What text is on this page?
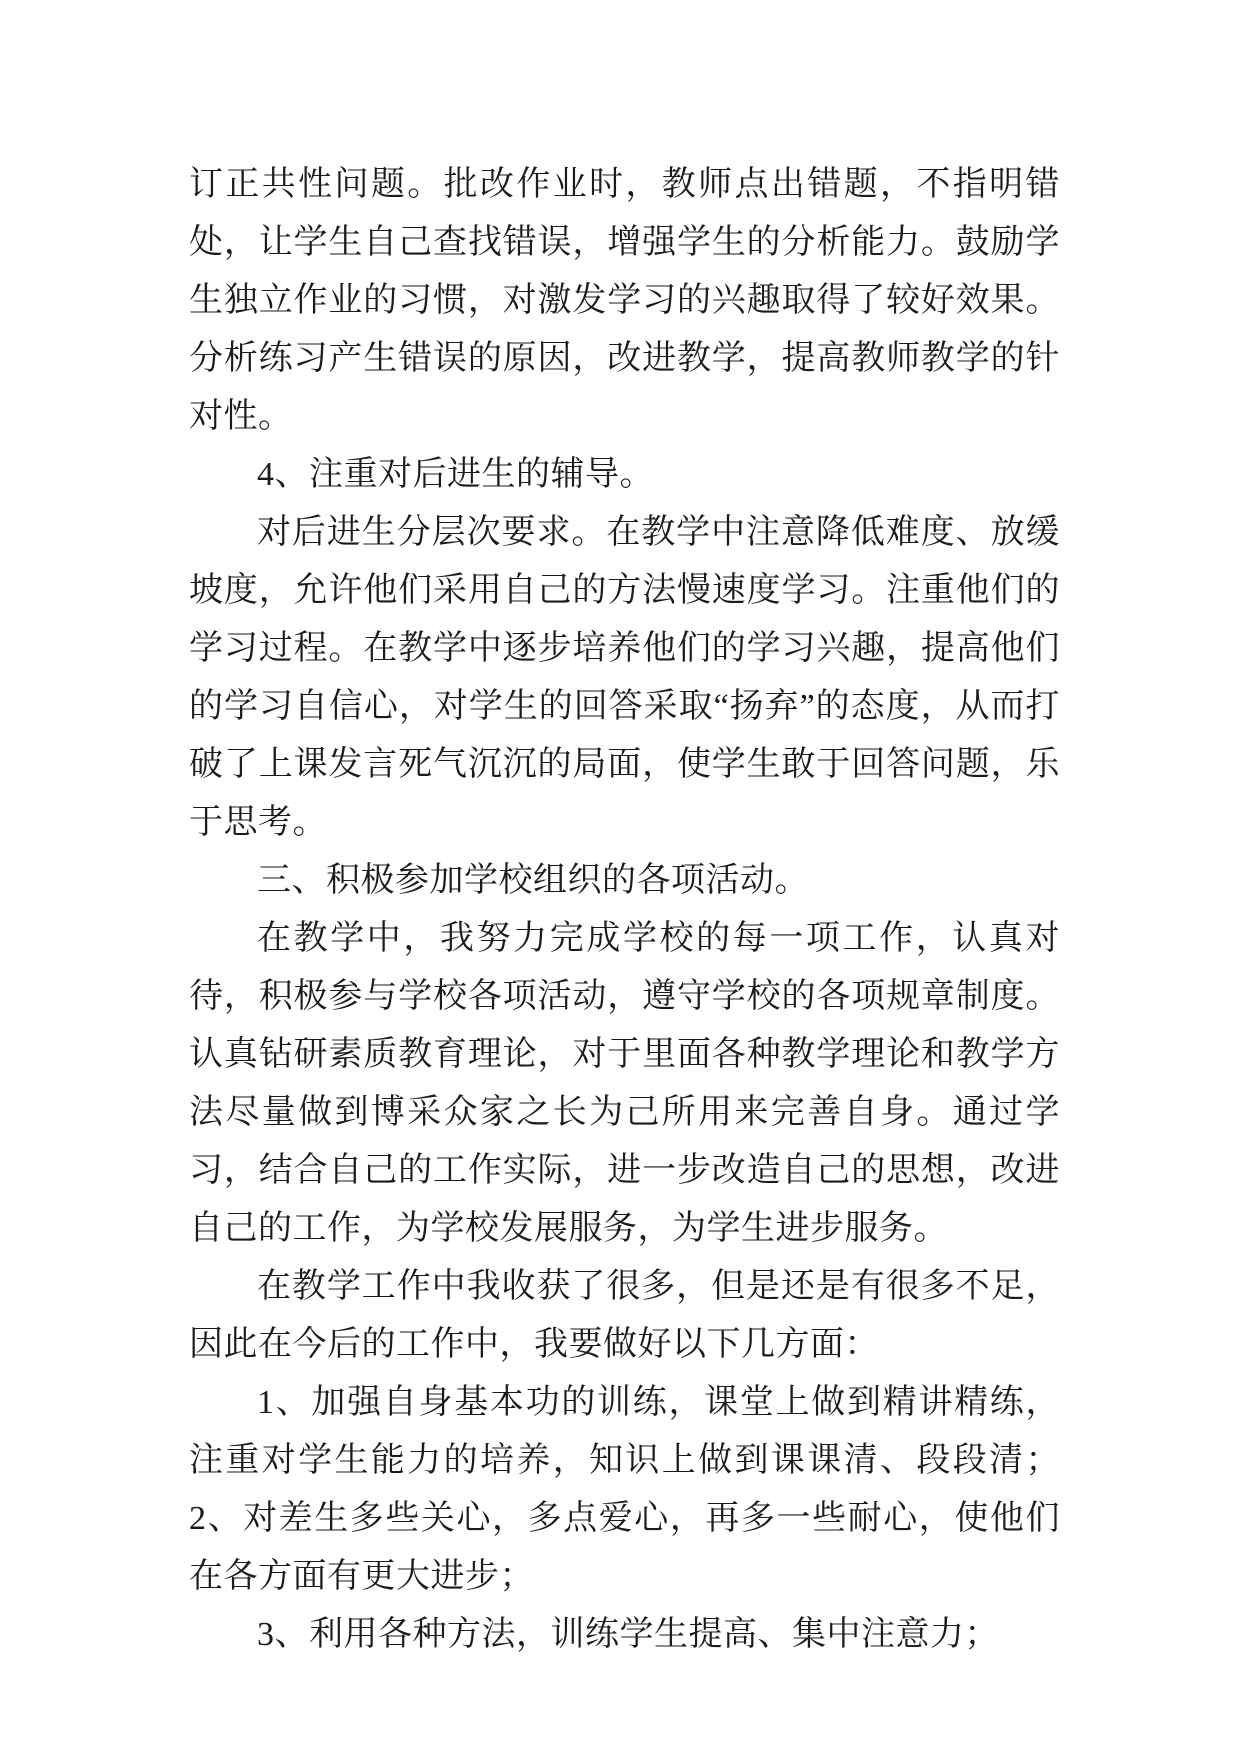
订正共性问题。批改作业时，教师点出错题，不指明错处，让学生自己查找错误，增强学生的分析能力。鼓励学生独立作业的习惯，对激发学习的兴趣取得了较好效果。分析练习产生错误的原因，改进教学，提高教师教学的针对性。

4、注重对后进生的辅导。

对后进生分层次要求。在教学中注意降低难度、放缓坡度，允许他们采用自己的方法慢速度学习。注重他们的学习过程。在教学中逐步培养他们的学习兴趣，提高他们的学习自信心，对学生的回答采取“扬弃”的态度，从而打破了上课发言死气沉沉的局面，使学生敢于回答问题，乐于思考。

三、积极参加学校组织的各项活动。

在教学中，我努力完成学校的每一项工作，认真对待，积极参与学校各项活动，遵守学校的各项规章制度。认真钻研素质教育理论，对于里面各种教学理论和教学方法尽量做到博采众家之长为己所用来完善自身。通过学习，结合自己的工作实际，进一步改造自己的思想，改进自己的工作，为学校发展服务，为学生进步服务。

在教学工作中我收获了很多，但是还是有很多不足，因此在今后的工作中，我要做好以下几方面：

1、加强自身基本功的训练，课堂上做到精讲精练，注重对学生能力的培养，知识上做到课课清、段段清；2、对差生多些关心，多点爱心，再多一些耐心，使他们在各方面有更大进步；

3、利用各种方法，训练学生提高、集中注意力；
